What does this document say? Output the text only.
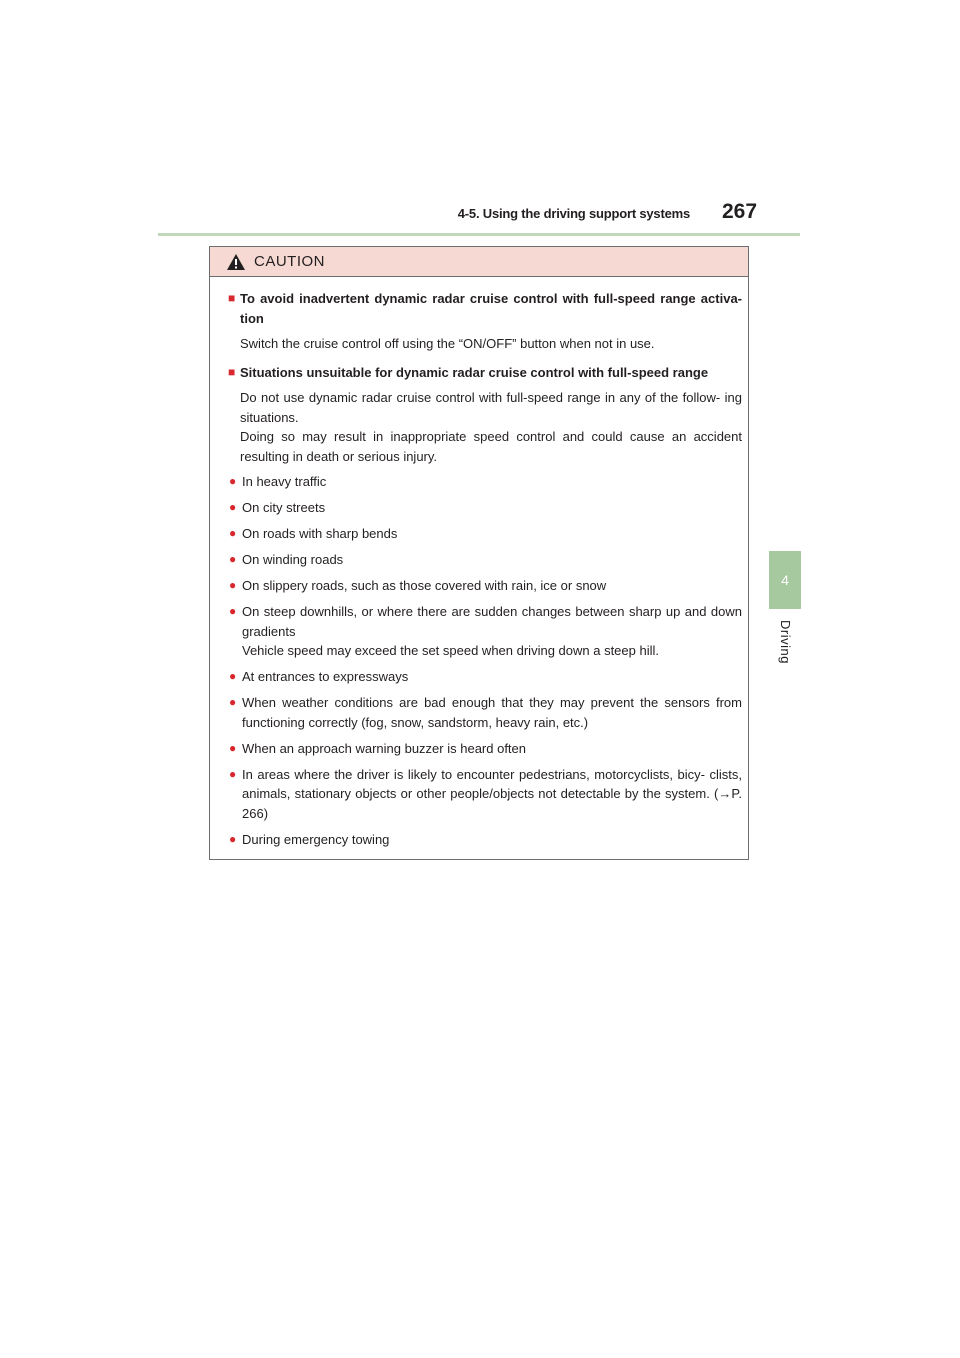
4-5. Using the driving support systems 267
4
Driving
CAUTION
■ To avoid inadvertent dynamic radar cruise control with full-speed range activa- tion
Switch the cruise control off using the “ON/OFF” button when not in use.
■ Situations unsuitable for dynamic radar cruise control with full-speed range
Do not use dynamic radar cruise control with full-speed range in any of the follow- ing situations.
Doing so may result in inappropriate speed control and could cause an accident resulting in death or serious injury.
● In heavy traffic
● On city streets
● On roads with sharp bends
● On winding roads
● On slippery roads, such as those covered with rain, ice or snow
● On steep downhills, or where there are sudden changes between sharp up and down gradients
Vehicle speed may exceed the set speed when driving down a steep hill.
● At entrances to expressways
● When weather conditions are bad enough that they may prevent the sensors from functioning correctly (fog, snow, sandstorm, heavy rain, etc.)
● When an approach warning buzzer is heard often
● In areas where the driver is likely to encounter pedestrians, motorcyclists, bicy- clists, animals, stationary objects or other people/objects not detectable by the system. (→P. 266)
● During emergency towing
